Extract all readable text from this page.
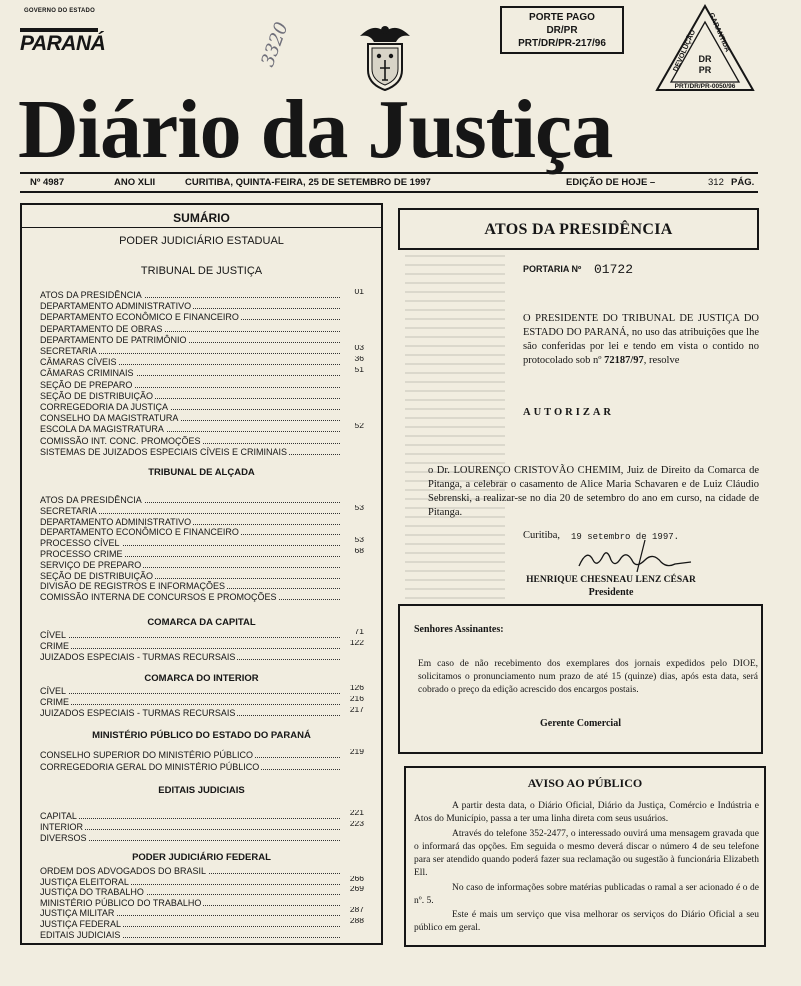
GOVERNO DO ESTADO
PARANÁ
PORTE PAGO
DR/PR
PRT/DR/PR-217/96
DEVOLUÇÃO
GARANTIDA
DR
PR
PRT/DR/PR-0050/96
3320
Diário da Justiça
Nº 4987	ANO XLII	CURITIBA, QUINTA-FEIRA, 25 DE SETEMBRO DE 1997	EDIÇÃO DE HOJE –	312 PÁG.
SUMÁRIO
PODER JUDICIÁRIO ESTADUAL
TRIBUNAL DE JUSTIÇA
ATOS DA PRESIDÊNCIA	01
DEPARTAMENTO ADMINISTRATIVO
DEPARTAMENTO ECONÔMICO E FINANCEIRO
DEPARTAMENTO DE OBRAS
DEPARTAMENTO DE PATRIMÔNIO
SECRETARIA	03
CÂMARAS CÍVEIS	36
CÂMARAS CRIMINAIS	51
SEÇÃO DE PREPARO
SEÇÃO DE DISTRIBUIÇÃO
CORREGEDORIA DA JUSTIÇA
CONSELHO DA MAGISTRATURA
ESCOLA DA MAGISTRATURA	52
COMISSÃO INT. CONC. PROMOÇÕES
SISTEMAS DE JUIZADOS ESPECIAIS CÍVEIS E CRIMINAIS
TRIBUNAL DE ALÇADA
ATOS DA PRESIDÊNCIA
SECRETARIA	53
DEPARTAMENTO ADMINISTRATIVO
DEPARTAMENTO ECONÔMICO E FINANCEIRO
PROCESSO CÍVEL	53
PROCESSO CRIME	68
SERVIÇO DE PREPARO
SEÇÃO DE DISTRIBUIÇÃO
DIVISÃO DE REGISTROS E INFORMAÇÕES
COMISSÃO INTERNA DE CONCURSOS E PROMOÇÕES
COMARCA DA CAPITAL
CÍVEL	71
CRIME	122
JUIZADOS ESPECIAIS - TURMAS RECURSAIS
COMARCA DO INTERIOR
CÍVEL	126
CRIME	216
JUIZADOS ESPECIAIS - TURMAS RECURSAIS	217
MINISTÉRIO PÚBLICO DO ESTADO DO PARANÁ
CONSELHO SUPERIOR DO MINISTÉRIO PÚBLICO	219
CORREGEDORIA GERAL DO MINISTÉRIO PÚBLICO
EDITAIS JUDICIAIS
CAPITAL	221
INTERIOR	223
DIVERSOS
PODER JUDICIÁRIO FEDERAL
ORDEM DOS ADVOGADOS DO BRASIL
JUSTIÇA ELEITORAL	266
JUSTIÇA DO TRABALHO	269
MINISTÉRIO PÚBLICO DO TRABALHO
JUSTIÇA MILITAR	287
JUSTIÇA FEDERAL	288
EDITAIS JUDICIAIS
ATOS DA PRESIDÊNCIA
PORTARIA Nº 01722
O PRESIDENTE DO TRIBUNAL DE JUSTIÇA DO ESTADO DO PARANÁ, no uso das atribuições que lhe são conferidas por lei e tendo em vista o contido no protocolado sob nº 72187/97, resolve
AUTORIZAR
o Dr. LOURENÇO CRISTOVÃO CHEMIM, Juiz de Direito da Comarca de Pitanga, a celebrar o casamento de Alice Maria Schavaren e de Luiz Cláudio Sebrenski, a realizar-se no dia 20 de setembro do ano em curso, na cidade de Pitanga.
Curitiba, 19 setembro de 1997.
HENRIQUE CHESNEAU LENZ CÉSAR
Presidente
Senhores Assinantes:
Em caso de não recebimento dos exemplares dos jornais expedidos pelo DIOE, solicitamos o pronunciamento num prazo de até 15 (quinze) dias, após esta data, será cobrado o preço da edição acrescido dos encargos postais.
Gerente Comercial
AVISO AO PÚBLICO
A partir desta data, o Diário Oficial, Diário da Justiça, Comércio e Indústria e Atos do Município, passa a ter uma linha direta com seus usuários.
Através do telefone 352-2477, o interessado ouvirá uma mensagem gravada que o informará das opções. Em seguida o mesmo deverá discar o número 4 de seu telefone para ser atendido quando poderá fazer sua reclamação ou sugestão à funcionária Elizabeth Ell.
No caso de informações sobre matérias publicadas o ramal a ser acionado é o de nº. 5.
Este é mais um serviço que visa melhorar os serviços do Diário Oficial a seu público em geral.
